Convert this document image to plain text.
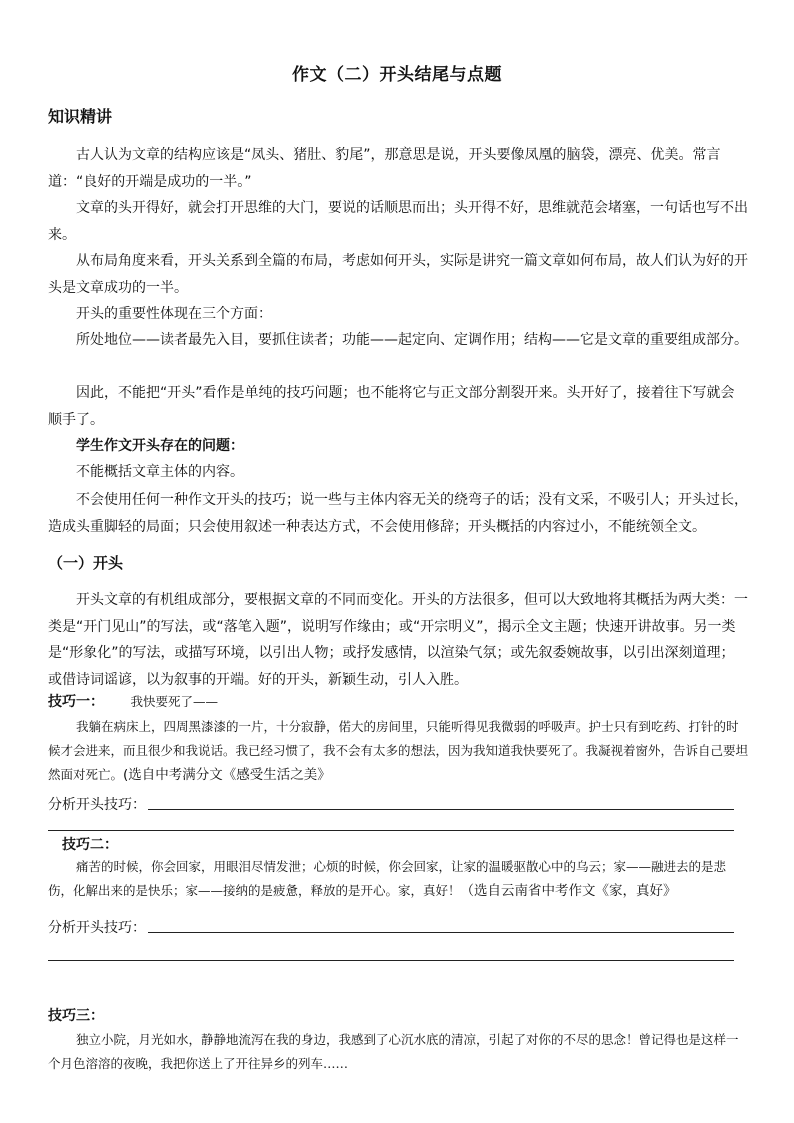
作文（二）开头结尾与点题
知识精讲

古人认为文章的结构应该是“凤头、猪肚、豹尾”，那意思是说，开头要像凤凰的脑袋，漂亮、优美。常言道：“良好的开端是成功的一半。”

文章的头开得好，就会打开思维的大门，要说的话顺思而出；头开得不好，思维就范会堵塞，一句话也写不出来。

从布局角度来看，开头关系到全篇的布局，考虑如何开头，实际是讲究一篇文章如何布局，故人们认为好的开头是文章成功的一半。

开头的重要性体现在三个方面：

所处地位——读者最先入目，要抓住读者；功能——起定向、定调作用；结构——它是文章的重要组成部分。

因此，不能把“开头”看作是单纯的技巧问题；也不能将它与正文部分割裂开来。头开好了，接着往下写就会顺手了。

学生作文开头存在的问题：

不能概括文章主体的内容。

不会使用任何一种作文开头的技巧；说一些与主体内容无关的绕弯子的话；没有文采，不吸引人；开头过长，造成头重脚轻的局面；只会使用叙述一种表达方式，不会使用修辞；开头概括的内容过小，不能统领全文。

（一）开头

开头文章的有机组成部分，要根据文章的不同而变化。开头的方法很多，但可以大致地将其概括为两大类：一类是“开门见山”的写法，或“落笔入题”，说明写作缘由；或“开宗明义”，揭示全文主题；快速开讲故事。另一类是“形象化”的写法，或描写环境，以引出人物；或抒发感情，以渲染气氛；或先叙委婉故事，以引出深刻道理；或借诗词谣谚，以为叙事的开端。好的开头，新颖生动，引人入胜。

技巧一： 我快要死了——

我躺在病床上，四周黑漆漆的一片，十分寂静，偌大的房间里，只能听得见我微弱的呼吸声。护士只有到吃药、打针的时候才会进来，而且很少和我说话。我已经习惯了，我不会有太多的想法，因为我知道我快要死了。我凝视着窗外，告诉自己要坦然面对死亡。(选自中考满分文《感受生活之美》

分析开头技巧：
技巧二：

痛苦的时候，你会回家，用眼泪尽情发泄；心烦的时候，你会回家，让家的温暖驱散心中的乌云；家——融进去的是悲伤，化解出来的是快乐；家——接纳的是疲惫，释放的是开心。家，真好！（选自云南省中考作文《家，真好》

分析开头技巧：
技巧三：

独立小院，月光如水，静静地流泻在我的身边，我感到了心沉水底的清凉，引起了对你的不尽的思念！曾记得也是这样一个月色溶溶的夜晚，我把你送上了开往异乡的列车……
